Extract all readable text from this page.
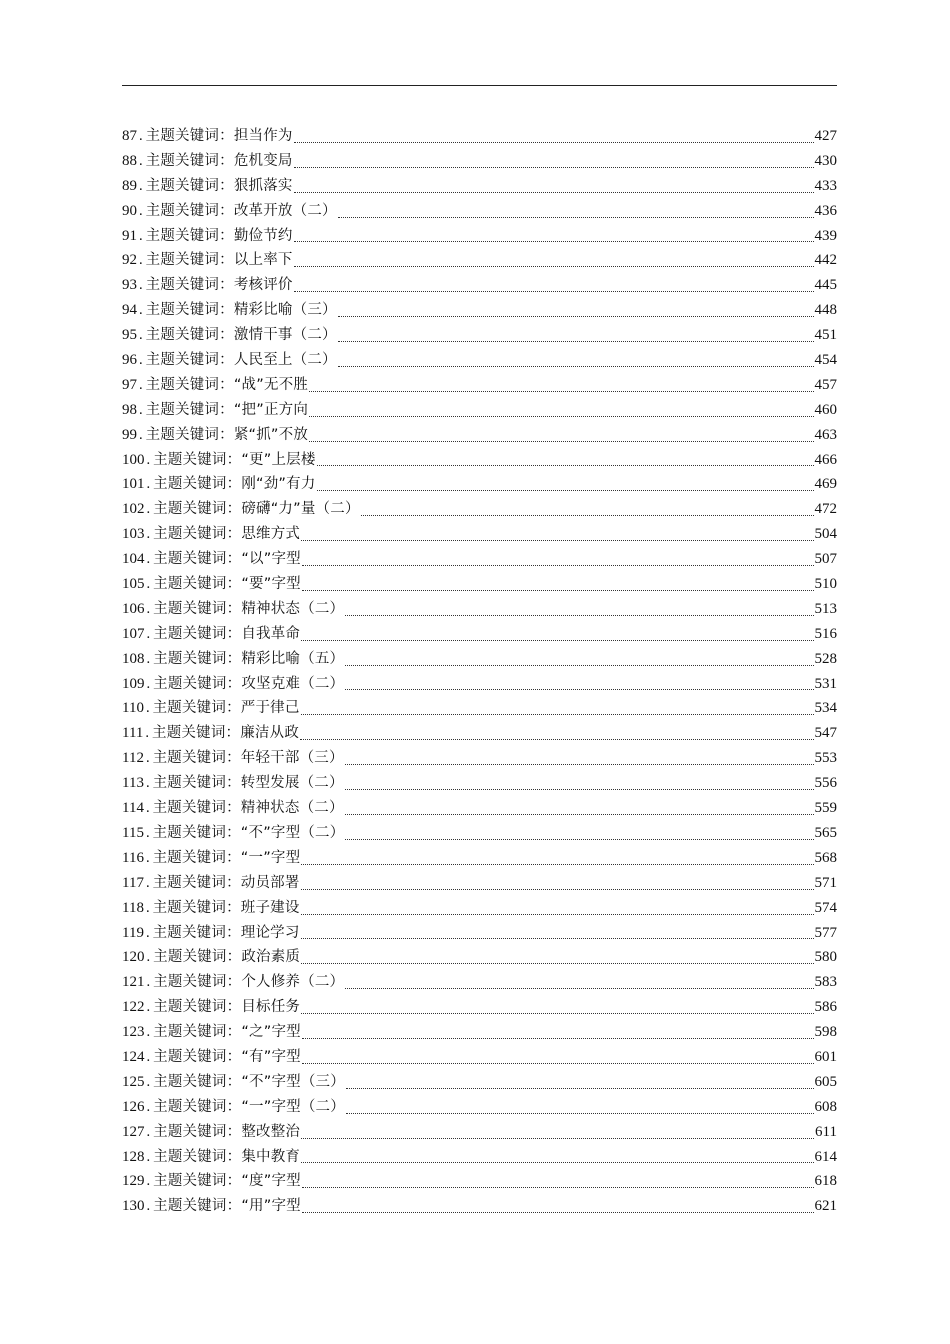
87 . 主题关键词：担当作为	427
88 . 主题关键词：危机变局	430
89 . 主题关键词：狠抓落实	433
90 . 主题关键词：改革开放（二）	436
91 . 主题关键词：勤俭节约	439
92 . 主题关键词：以上率下	442
93 . 主题关键词：考核评价	445
94 . 主题关键词：精彩比喻（三）	448
95 . 主题关键词：激情干事（二）	451
96 . 主题关键词：人民至上（二）	454
97 . 主题关键词：“战”无不胜	457
98 . 主题关键词：“把”正方向	460
99 . 主题关键词：紧“抓”不放	463
100 . 主题关键词：“更”上层楼	466
101 . 主题关键词：刚“劲”有力	469
102 . 主题关键词：磅礴“力”量（二）	472
103 . 主题关键词：思维方式	504
104 . 主题关键词：“以”字型	507
105 . 主题关键词：“要”字型	510
106 . 主题关键词：精神状态（二）	513
107 . 主题关键词：自我革命	516
108 . 主题关键词：精彩比喻（五）	528
109 . 主题关键词：攻坚克难（二）	531
110 . 主题关键词：严于律己	534
111 . 主题关键词：廉洁从政	547
112 . 主题关键词：年轻干部（三）	553
113 . 主题关键词：转型发展（二）	556
114 . 主题关键词：精神状态（二）	559
115 . 主题关键词：“不”字型（二）	565
116 . 主题关键词：“一”字型	568
117 . 主题关键词：动员部署	571
118 . 主题关键词：班子建设	574
119 . 主题关键词：理论学习	577
120 . 主题关键词：政治素质	580
121 . 主题关键词：个人修养（二）	583
122 . 主题关键词：目标任务	586
123 . 主题关键词：“之”字型	598
124 . 主题关键词：“有”字型	601
125 . 主题关键词：“不”字型（三）	605
126 . 主题关键词：“一”字型（二）	608
127 . 主题关键词：整改整治	611
128 . 主题关键词：集中教育	614
129 . 主题关键词：“度”字型	618
130 . 主题关键词：“用”字型	621
